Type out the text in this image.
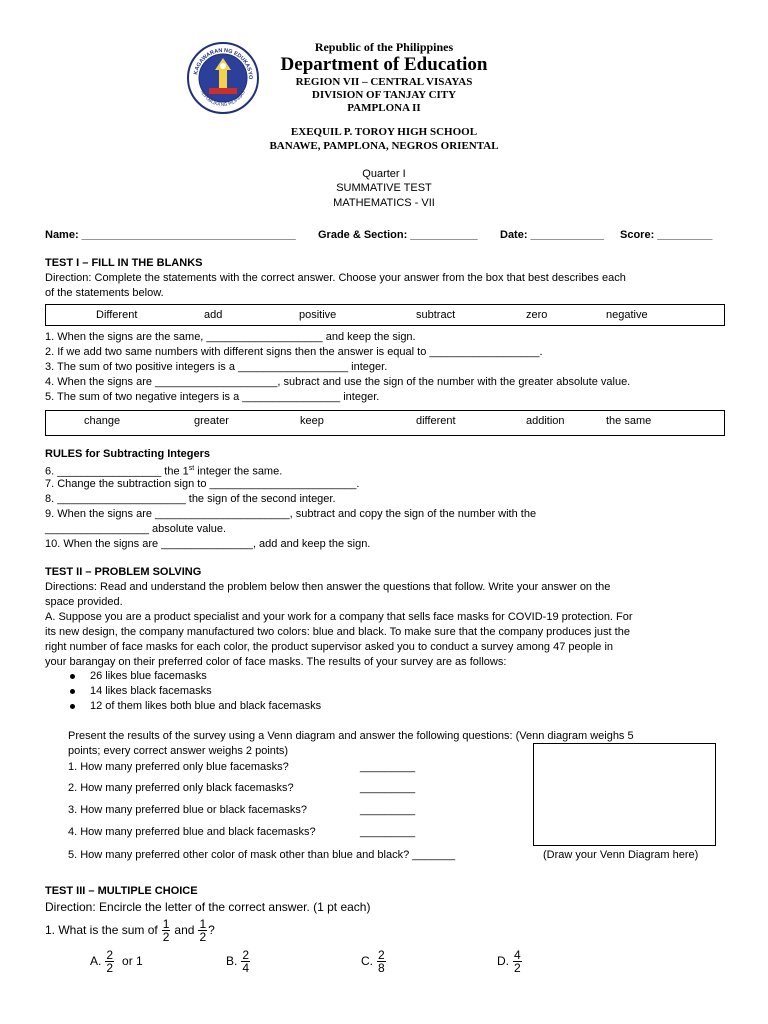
KAGAWARAN NG EDUKASYO
REPUBLIKA NG PILIPINAS
Republic of the Philippines
Department of Education
REGION VII – CENTRAL VISAYAS
DIVISION OF TANJAY CITY
PAMPLONA II
EXEQUIL P. TOROY HIGH SCHOOL
BANAWE, PAMPLONA, NEGROS ORIENTAL
Quarter I
SUMMATIVE TEST
MATHEMATICS - VII
Name: ___________________________________ Grade & Section: ___________ Date: ____________ Score: _________
TEST I – FILL IN THE BLANKS
Direction: Complete the statements with the correct answer. Choose your answer from the box that best describes each
of the statements below.
Different	add	positive	subtract	zero	negative
1. When the signs are the same, ___________________ and keep the sign.
2. If we add two same numbers with different signs then the answer is equal to __________________.
3. The sum of two positive integers is a __________________ integer.
4. When the signs are ____________________, subract and use the sign of the number with the greater absolute value.
5. The sum of two negative integers is a ________________ integer.
change	greater	keep	different	addition	the same
RULES for Subtracting Integers
6. _________________ the 1st integer the same.
7. Change the subtraction sign to ________________________.
8. _____________________ the sign of the second integer.
9. When the signs are ______________________, subtract and copy the sign of the number with the
_________________ absolute value.
10. When the signs are _______________, add and keep the sign.
TEST II – PROBLEM SOLVING
Directions: Read and understand the problem below then answer the questions that follow. Write your answer on the
space provided.
A. Suppose you are a product specialist and your work for a company that sells face masks for COVID-19 protection. For
its new design, the company manufactured two colors: blue and black. To make sure that the company produces just the
right number of face masks for each color, the product supervisor asked you to conduct a survey among 47 people in
your barangay on their preferred color of face masks. The results of your survey are as follows:
26 likes blue facemasks
14 likes black facemasks
12 of them likes both blue and black facemasks
Present the results of the survey using a Venn diagram and answer the following questions: (Venn diagram weighs 5
points; every correct answer weighs 2 points)
1. How many preferred only blue facemasks?	_________
2. How many preferred only black facemasks?	_________
3. How many preferred blue or black facemasks?	_________
4. How many preferred blue and black facemasks?	_________
5. How many preferred other color of mask other than blue and black? _______	(Draw your Venn Diagram here)
TEST III – MULTIPLE CHOICE
Direction: Encircle the letter of the correct answer. (1 pt each)
1. What is the sum of $\frac{1}{2}$ and $\frac{1}{2}$ ?
A. $\frac{2}{2}$ or 1	B. $\frac{2}{4}$	C. $\frac{2}{8}$	D. $\frac{4}{2}$
